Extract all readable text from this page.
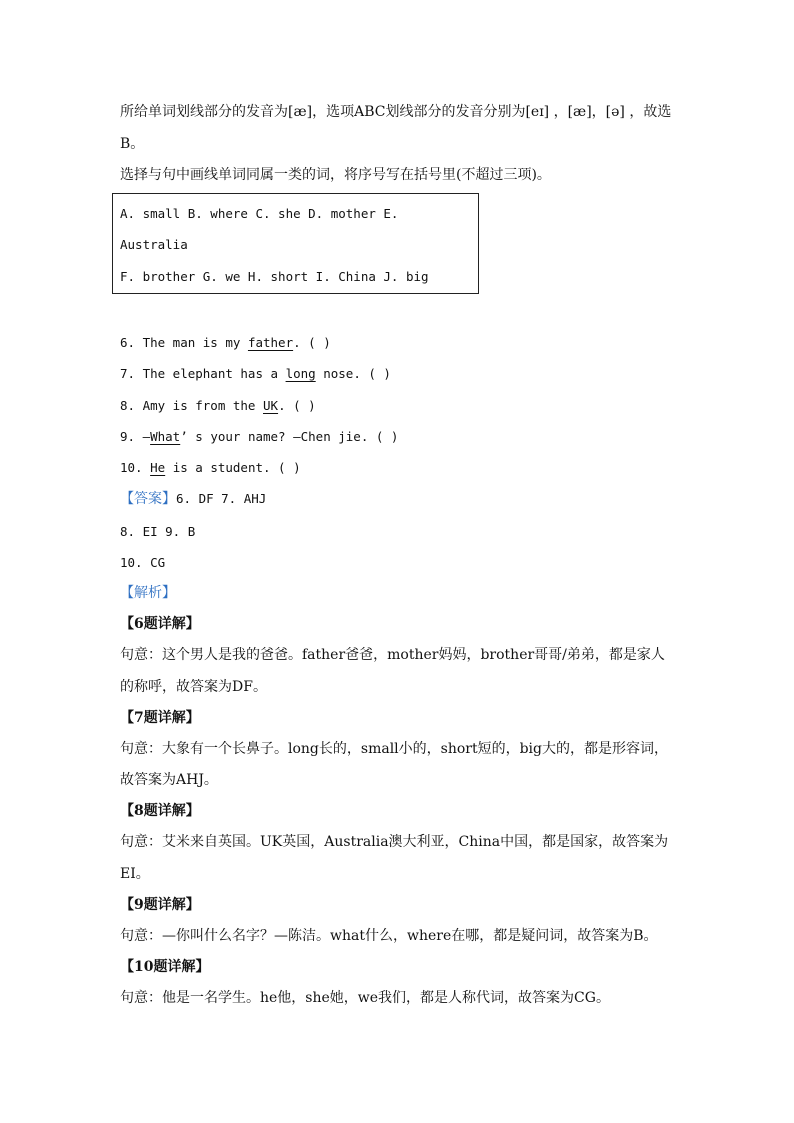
所给单词划线部分的发音为[æ]，选项ABC划线部分的发音分别为[eɪ] ，[æ]，[ə] ，故选
B。
选择与句中画线单词同属一类的词，将序号写在括号里(不超过三项)。
A. small B. where C. she D. mother E.
Australia
F. brother G. we H. short I. China J. big
6. The man is my father. ( )
7. The elephant has a long nose. ( )
8. Amy is from the UK. ( )
9. —What’ s your name? —Chen jie. ( )
10. He is a student. ( )
【答案】6. DF 7. AHJ
8. EI 9. B
10. CG
【解析】
【6题详解】
句意：这个男人是我的爸爸。father爸爸，mother妈妈，brother哥哥/弟弟，都是家人
的称呼，故答案为DF。
【7题详解】
句意：大象有一个长鼻子。long长的，small小的，short短的，big大的，都是形容词，
故答案为AHJ。
【8题详解】
句意：艾米来自英国。UK英国，Australia澳大利亚，China中国，都是国家，故答案为
EI。
【9题详解】
句意：—你叫什么名字？—陈洁。what什么，where在哪，都是疑问词，故答案为B。
【10题详解】
句意：他是一名学生。he他，she她，we我们，都是人称代词，故答案为CG。
